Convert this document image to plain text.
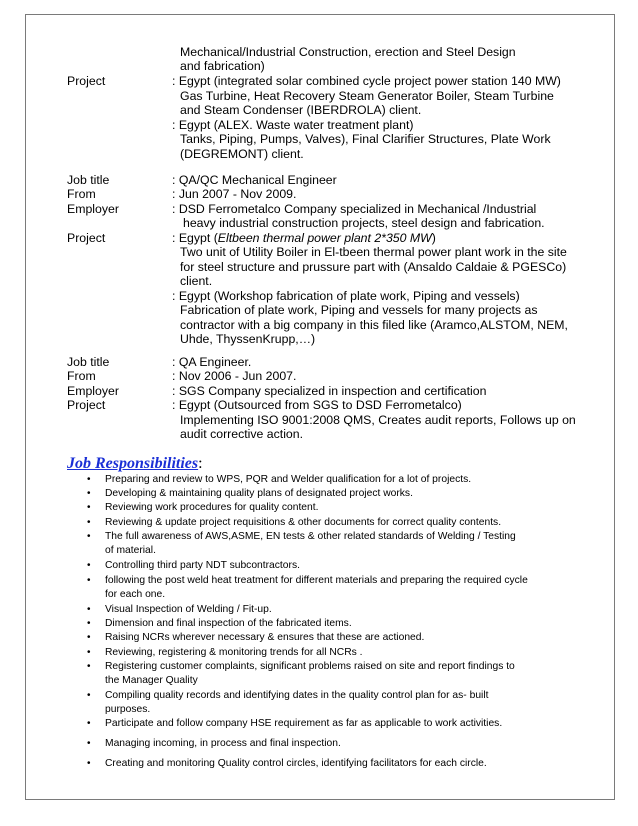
Mechanical/Industrial Construction, erection and Steel Design
and fabrication)
Project	: Egypt (integrated solar combined cycle project power station 140 MW)
Gas Turbine, Heat Recovery Steam Generator Boiler, Steam Turbine
and Steam Condenser (IBERDROLA) client.
: Egypt (ALEX. Waste water treatment plant)
Tanks, Piping, Pumps, Valves), Final Clarifier Structures, Plate Work
(DEGREMONT) client.
Job title	: QA/QC Mechanical Engineer
From	: Jun 2007 - Nov 2009.
Employer	: DSD Ferrometalco Company specialized in Mechanical /Industrial
heavy industrial construction projects, steel design and fabrication.
Project	: Egypt (Eltbeen thermal power plant 2*350 MW)
Two unit of Utility Boiler in El-tbeen thermal power plant work in the site
for steel structure and prussure part with (Ansaldo Caldaie & PGESCo)
client.
: Egypt (Workshop fabrication of plate work, Piping and vessels)
Fabrication of plate work, Piping and vessels for many projects as
contractor with a big company in this filed like (Aramco,ALSTOM, NEM,
Uhde, ThyssenKrupp,…)
Job title	: QA Engineer.
From	: Nov 2006 - Jun 2007.
Employer	: SGS Company specialized in inspection and certification
Project	: Egypt (Outsourced from SGS to DSD Ferrometalco)
Implementing ISO 9001:2008 QMS, Creates audit reports, Follows up on
audit corrective action.
Job Responsibilities:
• Preparing and review to WPS, PQR and Welder qualification for a lot of projects.
• Developing & maintaining quality plans of designated project works.
• Reviewing work procedures for quality content.
• Reviewing & update project requisitions & other documents for correct quality contents.
• The full awareness of AWS,ASME, EN tests & other related standards of Welding / Testing
of material.
• Controlling third party NDT subcontractors.
• following the post weld heat treatment for different materials and preparing the required cycle
for each one.
• Visual Inspection of Welding / Fit-up.
• Dimension and final inspection of the fabricated items.
• Raising NCRs wherever necessary & ensures that these are actioned.
• Reviewing, registering & monitoring trends for all NCRs .
• Registering customer complaints, significant problems raised on site and report findings to
the Manager Quality
• Compiling quality records and identifying dates in the quality control plan for as- built
purposes.
• Participate and follow company HSE requirement as far as applicable to work activities.
• Managing incoming, in process and final inspection.
• Creating and monitoring Quality control circles, identifying facilitators for each circle.
